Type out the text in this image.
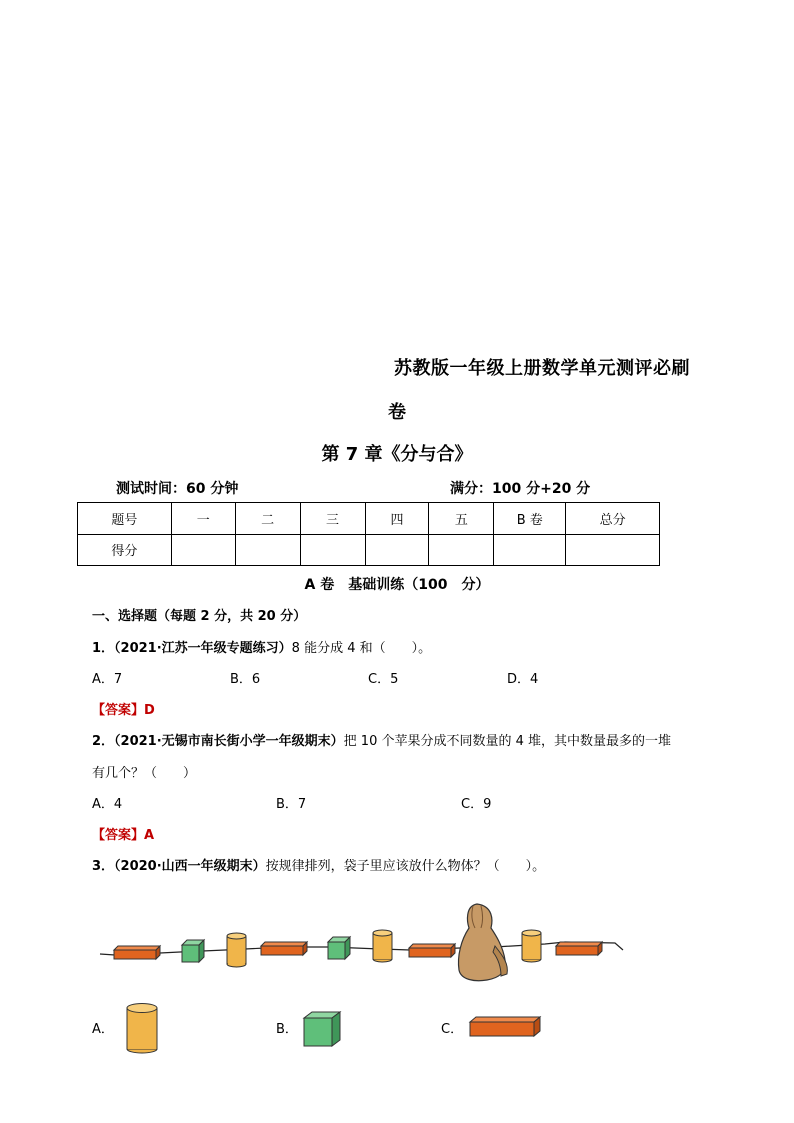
苏教版一年级上册数学单元测评必刷
卷
第 7 章《分与合》
测试时间：60 分钟	满分：100 分+20 分
题号	一	二	三	四	五	B 卷	总分
得分							
A 卷　基础训练（100　分）
一、选择题（每题 2 分，共 20 分）
1．（2021·江苏一年级专题练习）8 能分成 4 和（　　）。
A．7	B．6	C．5	D．4
【答案】D
2．（2021·无锡市南长街小学一年级期末）把 10 个苹果分成不同数量的 4 堆，其中数量最多的一堆
有几个？（　　）
A．4	B．7	C．9
【答案】A
3．（2020·山西一年级期末）按规律排列，袋子里应该放什么物体？（　　）。
A．	B．	C．
